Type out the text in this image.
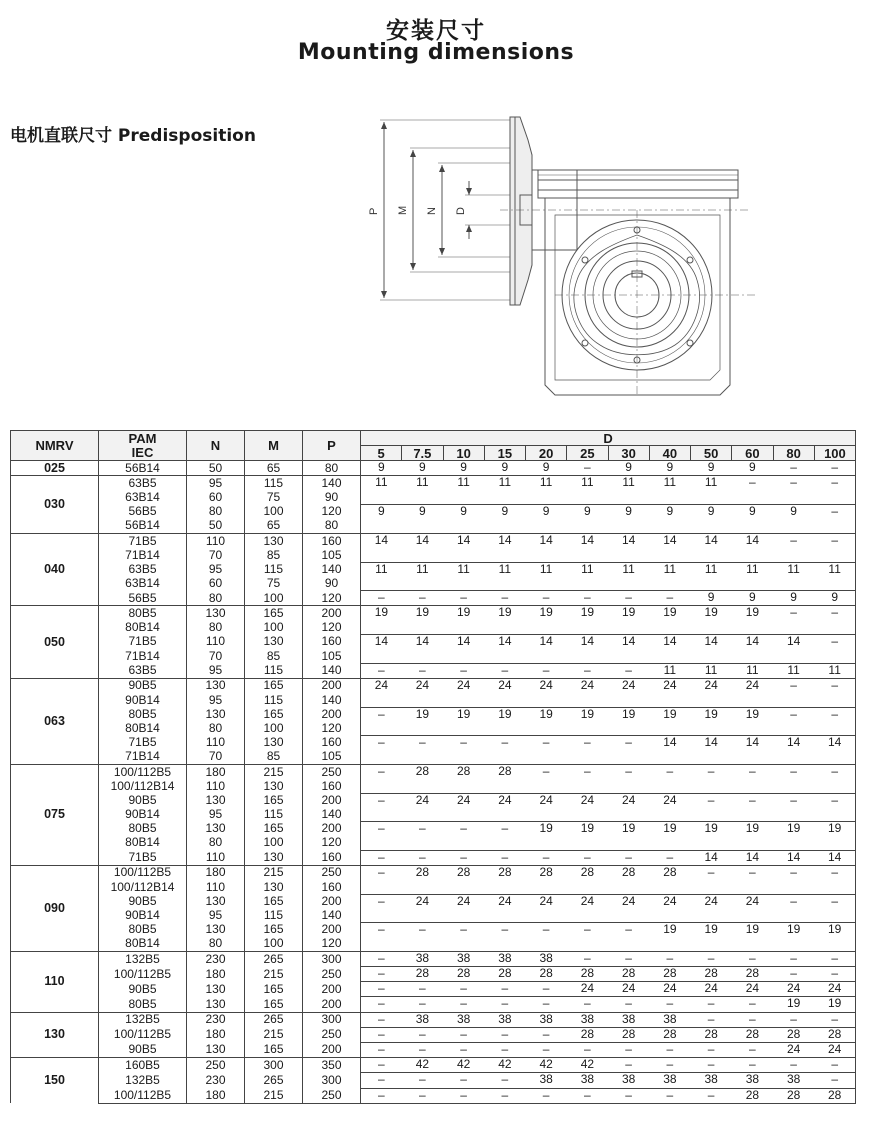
安装尺寸
Mounting dimensions
电机直联尺寸 Predisposition
P M N D
NMRV	PAM	N	M	P	D											
	IEC				5	7.5	10	15	20	25	30	40	50	60	80	100
025	56B14	50	65	80	9	9	9	9	9	–	9	9	9	9	–	–
030	63B5	95	115	140	11	11	11	11	11	11	11	11	11	–	–	–
	63B14	60	75	90												
	56B5	80	100	120	9	9	9	9	9	9	9	9	9	9	9	–
	56B14	50	65	80												
040	71B5	110	130	160	14	14	14	14	14	14	14	14	14	14	–	–
	71B14	70	85	105												
	63B5	95	115	140	11	11	11	11	11	11	11	11	11	11	11	11
	63B14	60	75	90												
	56B5	80	100	120	–	–	–	–	–	–	–	–	9	9	9	9
050	80B5	130	165	200	19	19	19	19	19	19	19	19	19	19	–	–
	80B14	80	100	120												
	71B5	110	130	160	14	14	14	14	14	14	14	14	14	14	14	–
	71B14	70	85	105												
	63B5	95	115	140	–	–	–	–	–	–	–	11	11	11	11	11
063	90B5	130	165	200	24	24	24	24	24	24	24	24	24	24	–	–
	90B14	95	115	140												
	80B5	130	165	200	–	19	19	19	19	19	19	19	19	19	–	–
	80B14	80	100	120												
	71B5	110	130	160	–	–	–	–	–	–	–	14	14	14	14	14
	71B14	70	85	105												
075	100/112B5	180	215	250	–	28	28	28	–	–	–	–	–	–	–	–
	100/112B14	110	130	160												
	90B5	130	165	200	–	24	24	24	24	24	24	24	–	–	–	–
	90B14	95	115	140												
	80B5	130	165	200	–	–	–	–	19	19	19	19	19	19	19	19
	80B14	80	100	120												
	71B5	110	130	160	–	–	–	–	–	–	–	–	14	14	14	14
090	100/112B5	180	215	250	–	28	28	28	28	28	28	28	–	–	–	–
	100/112B14	110	130	160												
	90B5	130	165	200	–	24	24	24	24	24	24	24	24	24	–	–
	90B14	95	115	140												
	80B5	130	165	200	–	–	–	–	–	–	–	19	19	19	19	19
	80B14	80	100	120												
110	132B5	230	265	300	–	38	38	38	38	–	–	–	–	–	–	–
	100/112B5	180	215	250	–	28	28	28	28	28	28	28	28	28	–	–
	90B5	130	165	200	–	–	–	–	–	24	24	24	24	24	24	24
	80B5	130	165	200	–	–	–	–	–	–	–	–	–	–	19	19
130	132B5	230	265	300	–	38	38	38	38	38	38	38	–	–	–	–
	100/112B5	180	215	250	–	–	–	–	–	28	28	28	28	28	28	28
	90B5	130	165	200	–	–	–	–	–	–	–	–	–	–	24	24
150	160B5	250	300	350	–	42	42	42	42	42	–	–	–	–	–	–
	132B5	230	265	300	–	–	–	–	38	38	38	38	38	38	38	–
	100/112B5	180	215	250	–	–	–	–	–	–	–	–	–	28	28	28
